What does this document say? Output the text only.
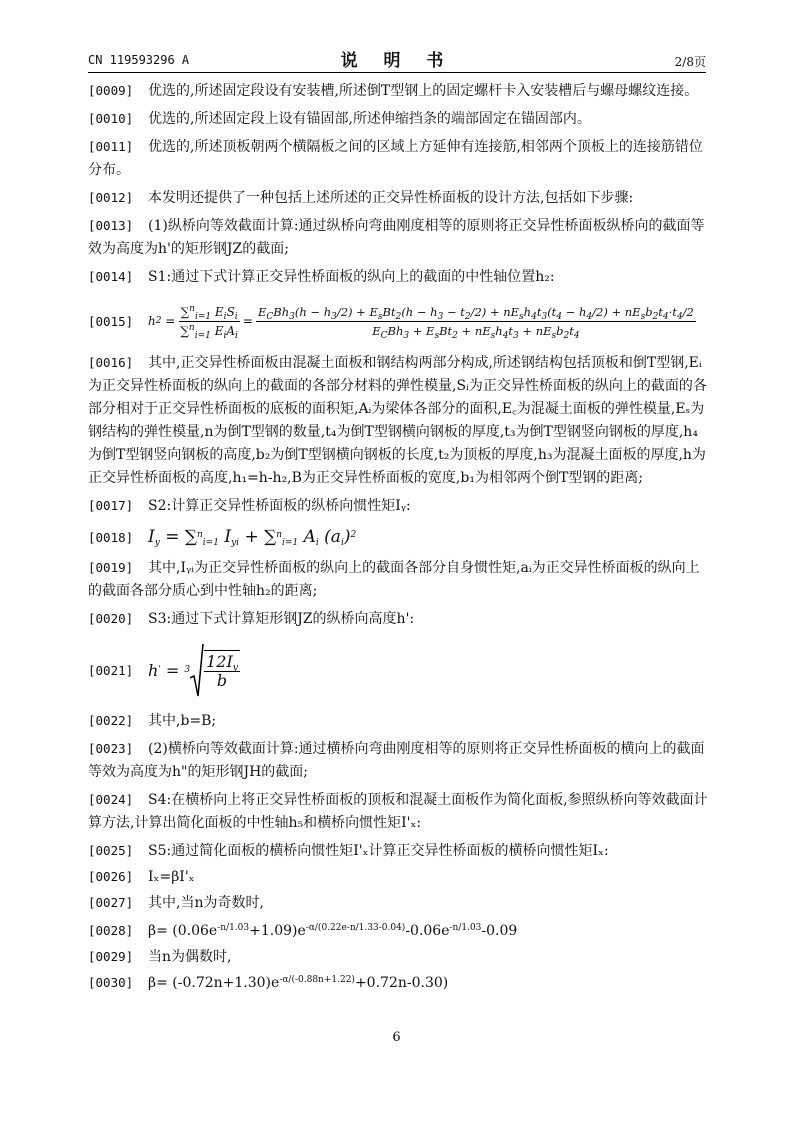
CN 119593296 A	说 明 书	2/8页
[0009] 优选的,所述固定段设有安装槽,所述倒T型钢上的固定螺杆卡入安装槽后与螺母螺纹连接。
[0010] 优选的,所述固定段上设有锚固部,所述伸缩挡条的端部固定在锚固部内。
[0011] 优选的,所述顶板朝两个横隔板之间的区域上方延伸有连接筋,相邻两个顶板上的连接筋错位分布。
[0012] 本发明还提供了一种包括上述所述的正交异性桥面板的设计方法,包括如下步骤:
[0013] (1)纵桥向等效截面计算:通过纵桥向弯曲刚度相等的原则将正交异性桥面板纵桥向的截面等效为高度为h'的矩形钢JZ的截面;
[0014] S1:通过下式计算正交异性桥面板的纵向上的截面的中性轴位置h₂:
[0015]	h $2 = \frac{\sum^n_{i=1} E_iS_i}{\sum^n_{i=1} E_iA_i}$ =
$E_CBh_3(h - h_3/2) + E_sBt_2(h - h_3 - t_2/2) + nE_sh_4t_3(t_4 - h_4/2) + nE_sb_2t_4\cdot t_4/2$
$E_CBh_3 + E_sBt_2 + nE_sh_4t_3 + nE_sb_2t_4$
[0016] 其中,正交异性桥面板由混凝土面板和钢结构两部分构成,所述钢结构包括顶板和倒T型钢,Eᵢ为正交异性桥面板的纵向上的截面的各部分材料的弹性模量,Sᵢ为正交异性桥面板的纵向上的截面的各部分相对于正交异性桥面板的底板的面积矩,Aᵢ为梁体各部分的面积,E꜀为混凝土面板的弹性模量,Eₛ为钢结构的弹性模量,n为倒T型钢的数量,t₄为倒T型钢横向钢板的厚度,t₃为倒T型钢竖向钢板的厚度,h₄为倒T型钢竖向钢板的高度,b₂为倒T型钢横向钢板的长度,t₂为顶板的厚度,h₃为混凝土面板的厚度,h为正交异性桥面板的高度,h₁=h-h₂,B为正交异性桥面板的宽度,b₁为相邻两个倒T型钢的距离;
[0017] S2:计算正交异性桥面板的纵桥向惯性矩Iᵧ:
[0018] $I_y = \sum^n_{i=1}$ $I_{yi} + \sum^n_{i=1}$ $A_i$ $(a_i)^2$
[0019] 其中,Iᵧᵢ为正交异性桥面板的纵向上的截面各部分自身惯性矩,aᵢ为正交异性桥面板的纵向上的截面各部分质心到中性轴h₂的距离;
[0020] S3:通过下式计算矩形钢JZ的纵桥向高度h':
[0021] h ' = $3 \frac{12I_y}{b}$
[0022] 其中,b=B;
[0023] (2)横桥向等效截面计算:通过横桥向弯曲刚度相等的原则将正交异性桥面板的横向上的截面等效为高度为h"的矩形钢JH的截面;
[0024] S4:在横桥向上将正交异性桥面板的顶板和混凝土面板作为简化面板,参照纵桥向等效截面计算方法,计算出简化面板的中性轴h₅和横桥向惯性矩I'ₓ:
[0025] S5:通过简化面板的横桥向惯性矩I'ₓ计算正交异性桥面板的横桥向惯性矩Iₓ:
[0026] Iₓ=βI'ₓ
[0027] 其中,当n为奇数时,
[0028] $\beta= (0.06e^{-n/1.03}+1.09)e^{-\alpha/(0.22e-n/1.33-0.04)}-0.06e^{-n/1.03}-0.09$
[0029] 当n为偶数时,
[0030] $\beta= (-0.72n+1.30)e^{-\alpha/(-0.88n+1.22)}+0.72n-0.30$)
6
